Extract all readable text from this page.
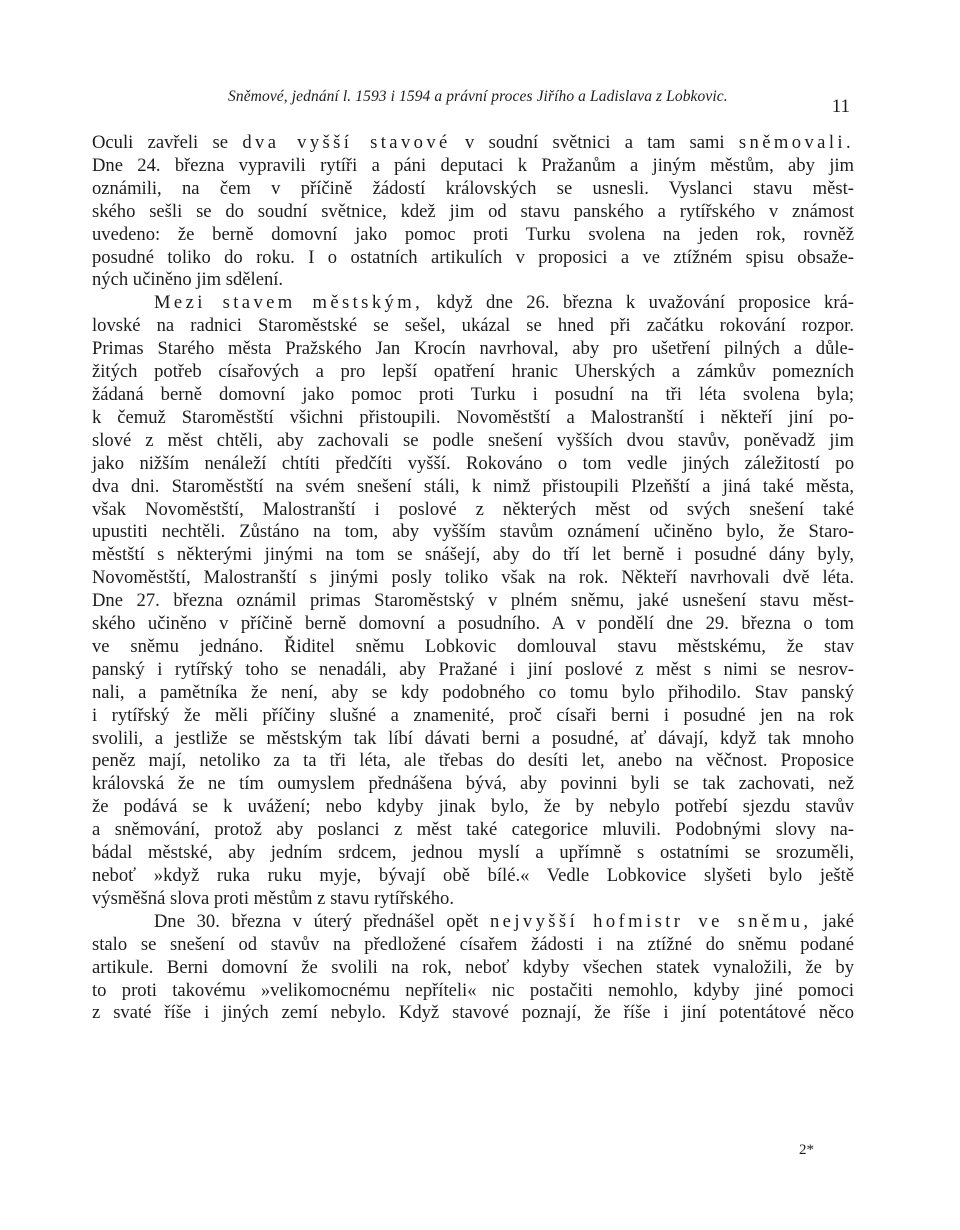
Sněmové, jednání l. 1593 i 1594 a právní proces Jiřího a Ladislava z Lobkovic.	11
Oculi zavřeli se dva vyšší stavové v soudní světnici a tam sami sněmovali.
Dne 24. března vypravili rytíři a páni deputaci k Pražanům a jiným městům, aby jim
oznámili, na čem v příčině žádostí královských se usnesli. Vyslanci stavu měst-
ského sešli se do soudní světnice, kdež jim od stavu panského a rytířského v známost
uvedeno: že berně domovní jako pomoc proti Turku svolena na jeden rok, rovněž
posudné toliko do roku. I o ostatních artikulích v proposici a ve ztížném spisu obsaže-
ných učiněno jim sdělení.
Mezi stavem městským, když dne 26. března k uvažování proposice krá-
lovské na radnici Staroměstské se sešel, ukázal se hned při začátku rokování rozpor.
Primas Starého města Pražského Jan Krocín navrhoval, aby pro ušetření pilných a důle-
žitých potřeb císařových a pro lepší opatření hranic Uherských a zámkův pomezních
žádaná berně domovní jako pomoc proti Turku i posudní na tři léta svolena byla;
k čemuž Staroměstští všichni přistoupili. Novoměstští a Malostranští i někteří jiní po-
slové z měst chtěli, aby zachovali se podle snešení vyšších dvou stavův, poněvadž jim
jako nižším nenáleží chtíti předčíti vyšší. Rokováno o tom vedle jiných záležitostí po
dva dni. Staroměstští na svém snešení stáli, k nimž přistoupili Plzeňští a jiná také města,
však Novoměstští, Malostranští i poslové z některých měst od svých snešení také
upustiti nechtěli. Zůstáno na tom, aby vyšším stavům oznámení učiněno bylo, že Staro-
městští s některými jinými na tom se snášejí, aby do tří let berně i posudné dány byly,
Novoměstští, Malostranští s jinými posly toliko však na rok. Někteří navrhovali dvě léta.
Dne 27. března oznámil primas Staroměstský v plném sněmu, jaké usnešení stavu měst-
ského učiněno v příčině berně domovní a posudního. A v pondělí dne 29. března o tom
ve sněmu jednáno. Řiditel sněmu Lobkovic domlouval stavu městskému, že stav
panský i rytířský toho se nenadáli, aby Pražané i jiní poslové z měst s nimi se nesrov-
nali, a pamětníka že není, aby se kdy podobného co tomu bylo přihodilo. Stav panský
i rytířský že měli příčiny slušné a znamenité, proč císaři berni i posudné jen na rok
svolili, a jestliže se městským tak líbí dávati berni a posudné, ať dávají, když tak mnoho
peněz mají, netoliko za ta tři léta, ale třebas do desíti let, anebo na věčnost. Proposice
královská že ne tím oumyslem přednášena bývá, aby povinni byli se tak zachovati, než
že podává se k uvážení; nebo kdyby jinak bylo, že by nebylo potřebí sjezdu stavův
a sněmování, protož aby poslanci z měst také categorice mluvili. Podobnými slovy na-
bádal městské, aby jedním srdcem, jednou myslí a upřímně s ostatními se srozuměli,
neboť »když ruka ruku myje, bývají obě bílé.« Vedle Lobkovice slyšeti bylo ještě
výsměšná slova proti městům z stavu rytířského.
Dne 30. března v úterý přednášel opět nejvyšší hofmistr ve sněmu, jaké
stalo se snešení od stavův na předložené císařem žádosti i na ztížné do sněmu podané
artikule. Berni domovní že svolili na rok, neboť kdyby všechen statek vynaložili, že by
to proti takovému »velikomocnému nepříteli« nic postačiti nemohlo, kdyby jiné pomoci
z svaté říše i jiných zemí nebylo. Když stavové poznají, že říše i jiní potentátové něco
2*
